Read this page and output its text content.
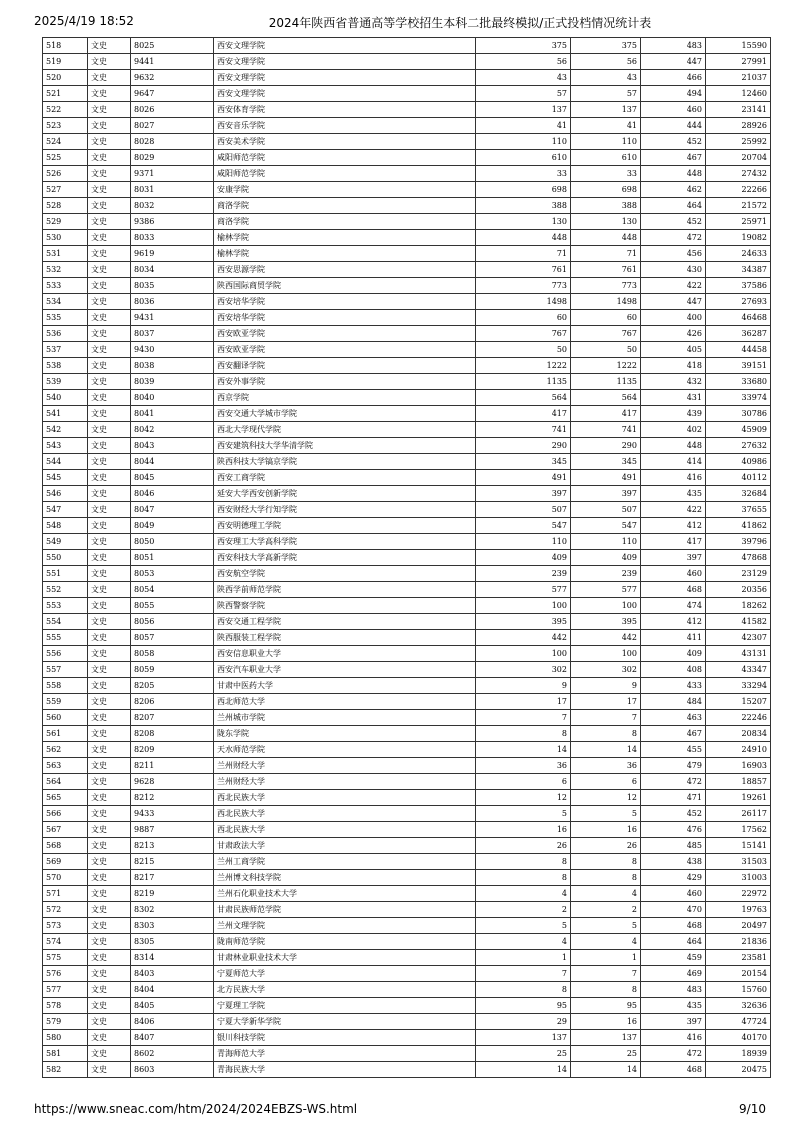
2025/4/19 18:52	2024年陕西省普通高等学校招生本科二批最终模拟/正式投档情况统计表
518	文史	8025	西安文理学院	375	375	483	15590
519	文史	9441	西安文理学院	56	56	447	27991
520	文史	9632	西安文理学院	43	43	466	21037
521	文史	9647	西安文理学院	57	57	494	12460
522	文史	8026	西安体育学院	137	137	460	23141
523	文史	8027	西安音乐学院	41	41	444	28926
524	文史	8028	西安美术学院	110	110	452	25992
525	文史	8029	咸阳师范学院	610	610	467	20704
526	文史	9371	咸阳师范学院	33	33	448	27432
527	文史	8031	安康学院	698	698	462	22266
528	文史	8032	商洛学院	388	388	464	21572
529	文史	9386	商洛学院	130	130	452	25971
530	文史	8033	榆林学院	448	448	472	19082
531	文史	9619	榆林学院	71	71	456	24633
532	文史	8034	西安思源学院	761	761	430	34387
533	文史	8035	陕西国际商贸学院	773	773	422	37586
534	文史	8036	西安培华学院	1498	1498	447	27693
535	文史	9431	西安培华学院	60	60	400	46468
536	文史	8037	西安欧亚学院	767	767	426	36287
537	文史	9430	西安欧亚学院	50	50	405	44458
538	文史	8038	西安翻译学院	1222	1222	418	39151
539	文史	8039	西安外事学院	1135	1135	432	33680
540	文史	8040	西京学院	564	564	431	33974
541	文史	8041	西安交通大学城市学院	417	417	439	30786
542	文史	8042	西北大学现代学院	741	741	402	45909
543	文史	8043	西安建筑科技大学华清学院	290	290	448	27632
544	文史	8044	陕西科技大学镐京学院	345	345	414	40986
545	文史	8045	西安工商学院	491	491	416	40112
546	文史	8046	延安大学西安创新学院	397	397	435	32684
547	文史	8047	西安财经大学行知学院	507	507	422	37655
548	文史	8049	西安明德理工学院	547	547	412	41862
549	文史	8050	西安理工大学高科学院	110	110	417	39796
550	文史	8051	西安科技大学高新学院	409	409	397	47868
551	文史	8053	西安航空学院	239	239	460	23129
552	文史	8054	陕西学前师范学院	577	577	468	20356
553	文史	8055	陕西警察学院	100	100	474	18262
554	文史	8056	西安交通工程学院	395	395	412	41582
555	文史	8057	陕西服装工程学院	442	442	411	42307
556	文史	8058	西安信息职业大学	100	100	409	43131
557	文史	8059	西安汽车职业大学	302	302	408	43347
558	文史	8205	甘肃中医药大学	9	9	433	33294
559	文史	8206	西北师范大学	17	17	484	15207
560	文史	8207	兰州城市学院	7	7	463	22246
561	文史	8208	陇东学院	8	8	467	20834
562	文史	8209	天水师范学院	14	14	455	24910
563	文史	8211	兰州财经大学	36	36	479	16903
564	文史	9628	兰州财经大学	6	6	472	18857
565	文史	8212	西北民族大学	12	12	471	19261
566	文史	9433	西北民族大学	5	5	452	26117
567	文史	9887	西北民族大学	16	16	476	17562
568	文史	8213	甘肃政法大学	26	26	485	15141
569	文史	8215	兰州工商学院	8	8	438	31503
570	文史	8217	兰州博文科技学院	8	8	429	31003
571	文史	8219	兰州石化职业技术大学	4	4	460	22972
572	文史	8302	甘肃民族师范学院	2	2	470	19763
573	文史	8303	兰州文理学院	5	5	468	20497
574	文史	8305	陇南师范学院	4	4	464	21836
575	文史	8314	甘肃林业职业技术大学	1	1	459	23581
576	文史	8403	宁夏师范大学	7	7	469	20154
577	文史	8404	北方民族大学	8	8	483	15760
578	文史	8405	宁夏理工学院	95	95	435	32636
579	文史	8406	宁夏大学新华学院	29	16	397	47724
580	文史	8407	银川科技学院	137	137	416	40170
581	文史	8602	青海师范大学	25	25	472	18939
582	文史	8603	青海民族大学	14	14	468	20475
https://www.sneac.com/htm/2024/2024EBZS-WS.html	9/10
